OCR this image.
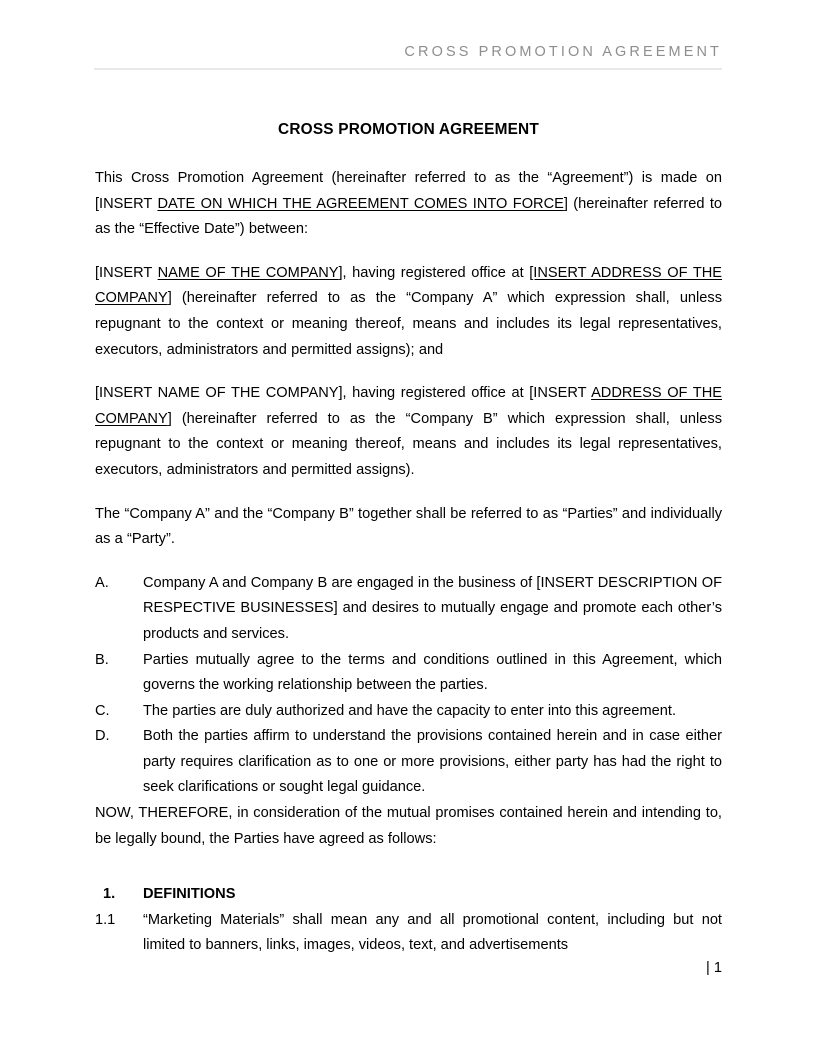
CROSS PROMOTION AGREEMENT
CROSS PROMOTION AGREEMENT

This Cross Promotion Agreement (hereinafter referred to as the “Agreement”) is made on [INSERT DATE ON WHICH THE AGREEMENT COMES INTO FORCE] (hereinafter referred to as the “Effective Date”) between:

[INSERT NAME OF THE COMPANY], having registered office at [INSERT ADDRESS OF THE COMPANY] (hereinafter referred to as the “Company A” which expression shall, unless repugnant to the context or meaning thereof, means and includes its legal representatives, executors, administrators and permitted assigns); and

[INSERT NAME OF THE COMPANY], having registered office at [INSERT ADDRESS OF THE COMPANY] (hereinafter referred to as the “Company B” which expression shall, unless repugnant to the context or meaning thereof, means and includes its legal representatives, executors, administrators and permitted assigns).

The “Company A” and the “Company B” together shall be referred to as “Parties” and individually as a “Party”.

A.	Company A and Company B are engaged in the business of [INSERT DESCRIPTION OF RESPECTIVE BUSINESSES] and desires to mutually engage and promote each other’s products and services.
B.	Parties mutually agree to the terms and conditions outlined in this Agreement, which governs the working relationship between the parties.
C.	The parties are duly authorized and have the capacity to enter into this agreement.
D.	Both the parties affirm to understand the provisions contained herein and in case either party requires clarification as to one or more provisions, either party has had the right to seek clarifications or sought legal guidance.

NOW, THEREFORE, in consideration of the mutual promises contained herein and intending to, be legally bound, the Parties have agreed as follows:

1. DEFINITIONS
1.1	“Marketing Materials” shall mean any and all promotional content, including but not limited to banners, links, images, videos, text, and advertisements
| 1
